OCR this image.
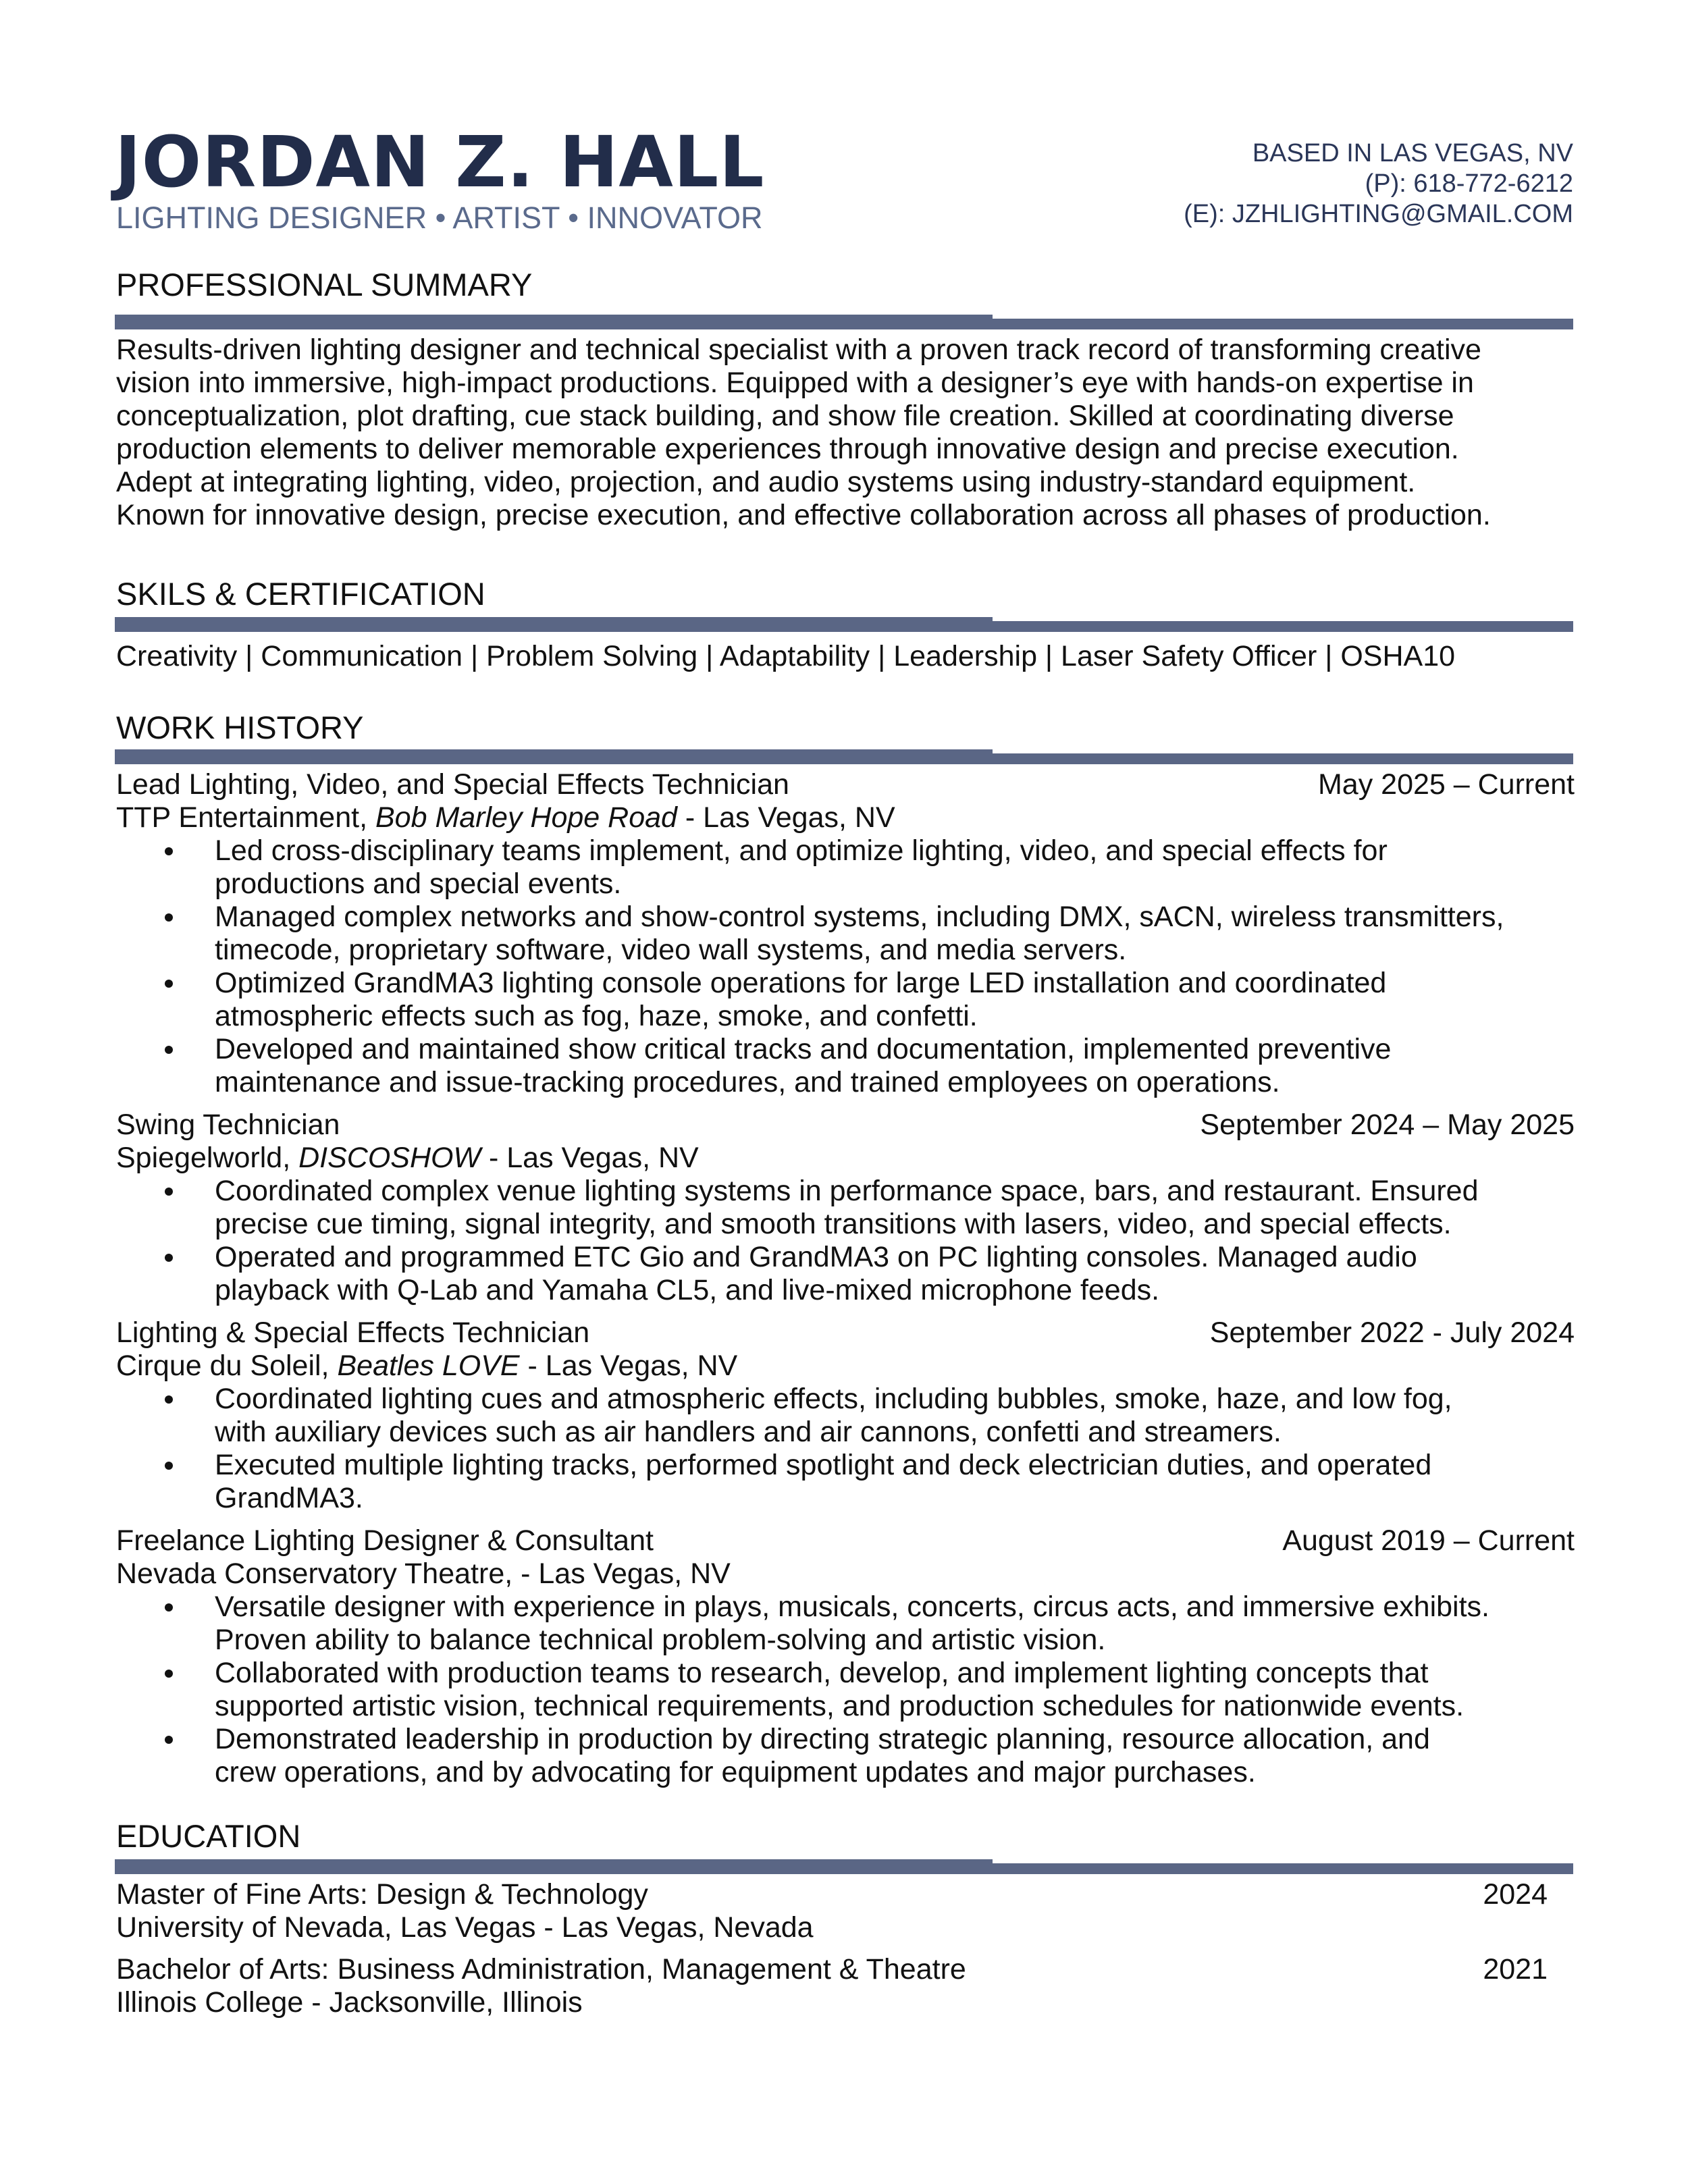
JORDAN Z. HALL
LIGHTING DESIGNER • ARTIST • INNOVATOR
BASED IN LAS VEGAS, NV
(P): 618-772-6212
(E): JZHLIGHTING@GMAIL.COM
PROFESSIONAL SUMMARY

Results-driven lighting designer and technical specialist with a proven track record of transforming creative

vision into immersive, high-impact productions. Equipped with a designer’s eye with hands-on expertise in

conceptualization, plot drafting, cue stack building, and show file creation. Skilled at coordinating diverse

production elements to deliver memorable experiences through innovative design and precise execution.

Adept at integrating lighting, video, projection, and audio systems using industry-standard equipment.

Known for innovative design, precise execution, and effective collaboration across all phases of production.

SKILS & CERTIFICATION
Creativity | Communication | Problem Solving | Adaptability | Leadership | Laser Safety Officer | OSHA10
WORK HISTORY
Lead Lighting, Video, and Special Effects Technician	May 2025 – Current
TTP Entertainment, Bob Marley Hope Road - Las Vegas, NV
Led cross-disciplinary teams implement, and optimize lighting, video, and special effects for
productions and special events.
Managed complex networks and show-control systems, including DMX, sACN, wireless transmitters,
timecode, proprietary software, video wall systems, and media servers.
Optimized GrandMA3 lighting console operations for large LED installation and coordinated
atmospheric effects such as fog, haze, smoke, and confetti.
Developed and maintained show critical tracks and documentation, implemented preventive
maintenance and issue-tracking procedures, and trained employees on operations.
Swing Technician	September 2024 – May 2025
Spiegelworld, DISCOSHOW - Las Vegas, NV
Coordinated complex venue lighting systems in performance space, bars, and restaurant. Ensured
precise cue timing, signal integrity, and smooth transitions with lasers, video, and special effects.
Operated and programmed ETC Gio and GrandMA3 on PC lighting consoles. Managed audio
playback with Q-Lab and Yamaha CL5, and live-mixed microphone feeds.
Lighting & Special Effects Technician	September 2022 - July 2024
Cirque du Soleil, Beatles LOVE - Las Vegas, NV
Coordinated lighting cues and atmospheric effects, including bubbles, smoke, haze, and low fog,
with auxiliary devices such as air handlers and air cannons, confetti and streamers.
Executed multiple lighting tracks, performed spotlight and deck electrician duties, and operated
GrandMA3.
Freelance Lighting Designer & Consultant	August 2019 – Current
Nevada Conservatory Theatre, - Las Vegas, NV
Versatile designer with experience in plays, musicals, concerts, circus acts, and immersive exhibits.
Proven ability to balance technical problem-solving and artistic vision.
Collaborated with production teams to research, develop, and implement lighting concepts that
supported artistic vision, technical requirements, and production schedules for nationwide events.
Demonstrated leadership in production by directing strategic planning, resource allocation, and
crew operations, and by advocating for equipment updates and major purchases.
EDUCATION
Master of Fine Arts: Design & Technology	2024
University of Nevada, Las Vegas - Las Vegas, Nevada
Bachelor of Arts: Business Administration, Management & Theatre	2021
Illinois College - Jacksonville, Illinois
